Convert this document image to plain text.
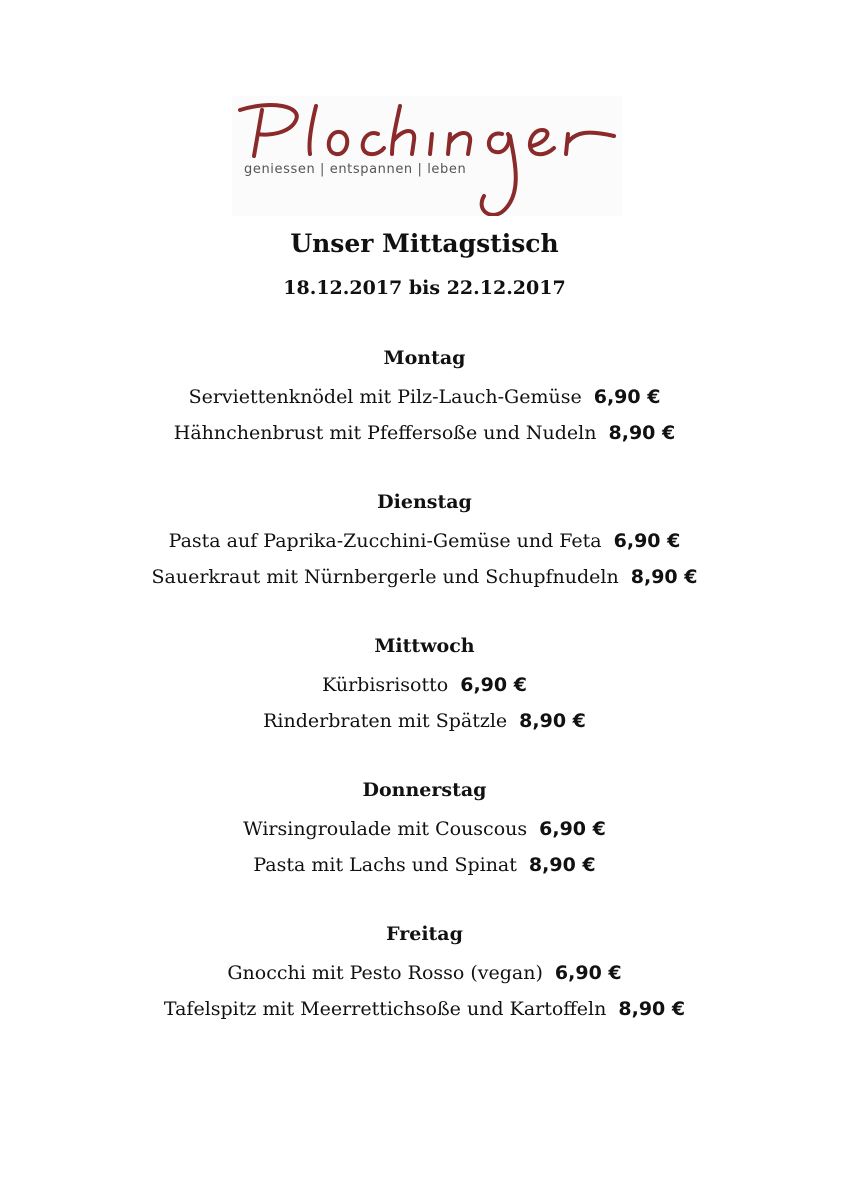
geniessen | entspannen | leben
Unser Mittagstisch
18.12.2017 bis 22.12.2017
Montag
Serviettenknödel mit Pilz-Lauch-Gemüse 6,90 €
Hähnchenbrust mit Pfeffersoße und Nudeln 8,90 €
Dienstag
Pasta auf Paprika-Zucchini-Gemüse und Feta 6,90 €
Sauerkraut mit Nürnbergerle und Schupfnudeln 8,90 €
Mittwoch
Kürbisrisotto 6,90 €
Rinderbraten mit Spätzle 8,90 €
Donnerstag
Wirsingroulade mit Couscous 6,90 €
Pasta mit Lachs und Spinat 8,90 €
Freitag
Gnocchi mit Pesto Rosso (vegan) 6,90 €
Tafelspitz mit Meerrettichsoße und Kartoffeln 8,90 €
